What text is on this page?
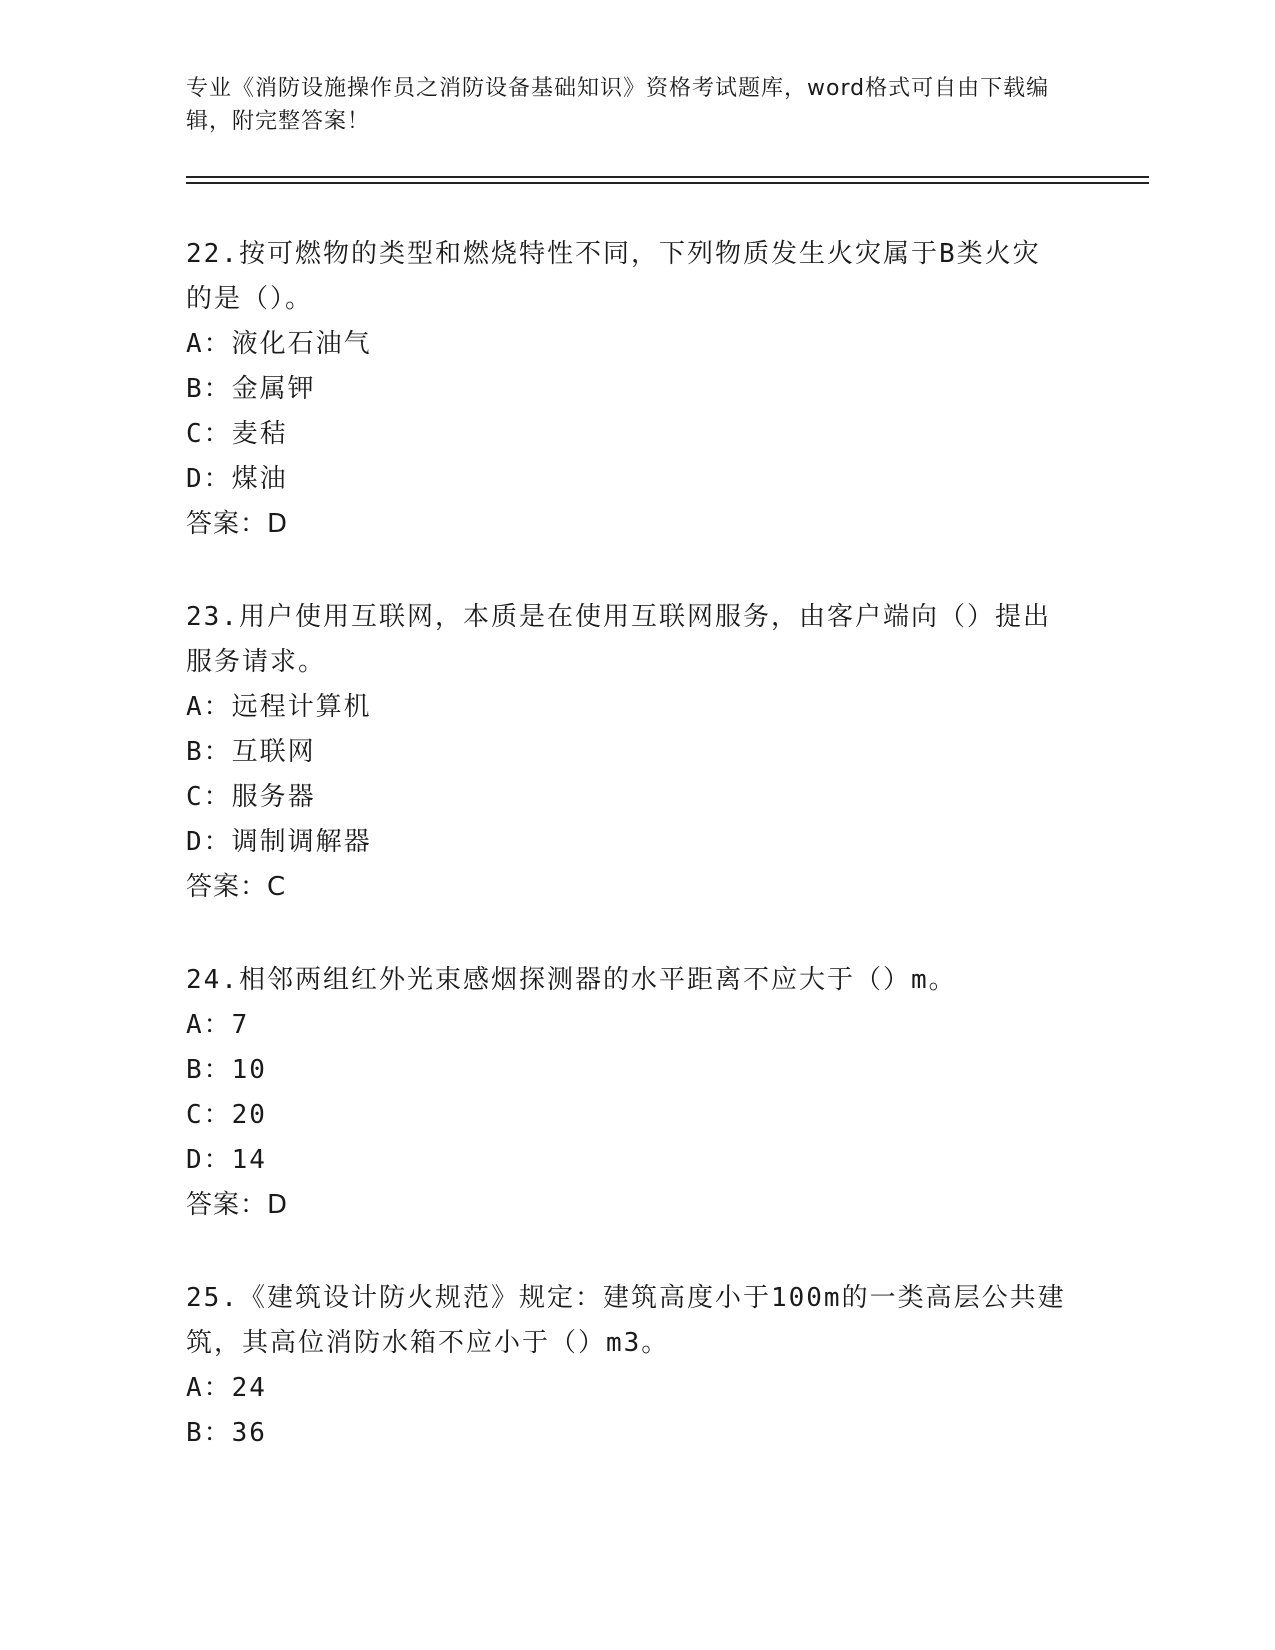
专业《消防设施操作员之消防设备基础知识》资格考试题库，word格式可自由下载编辑，附完整答案！

22.按可燃物的类型和燃烧特性不同，下列物质发生火灾属于B类火灾的是（）。

A：液化石油气

B：金属钾

C：麦秸

D：煤油

答案：D

23.用户使用互联网，本质是在使用互联网服务，由客户端向（）提出服务请求。

A：远程计算机

B：互联网

C：服务器

D：调制调解器

答案：C

24.相邻两组红外光束感烟探测器的水平距离不应大于（）m。

A：7

B：10

C：20

D：14

答案：D

25.《建筑设计防火规范》规定：建筑高度小于100m的一类高层公共建筑，其高位消防水箱不应小于（）m3。

A：24

B：36
